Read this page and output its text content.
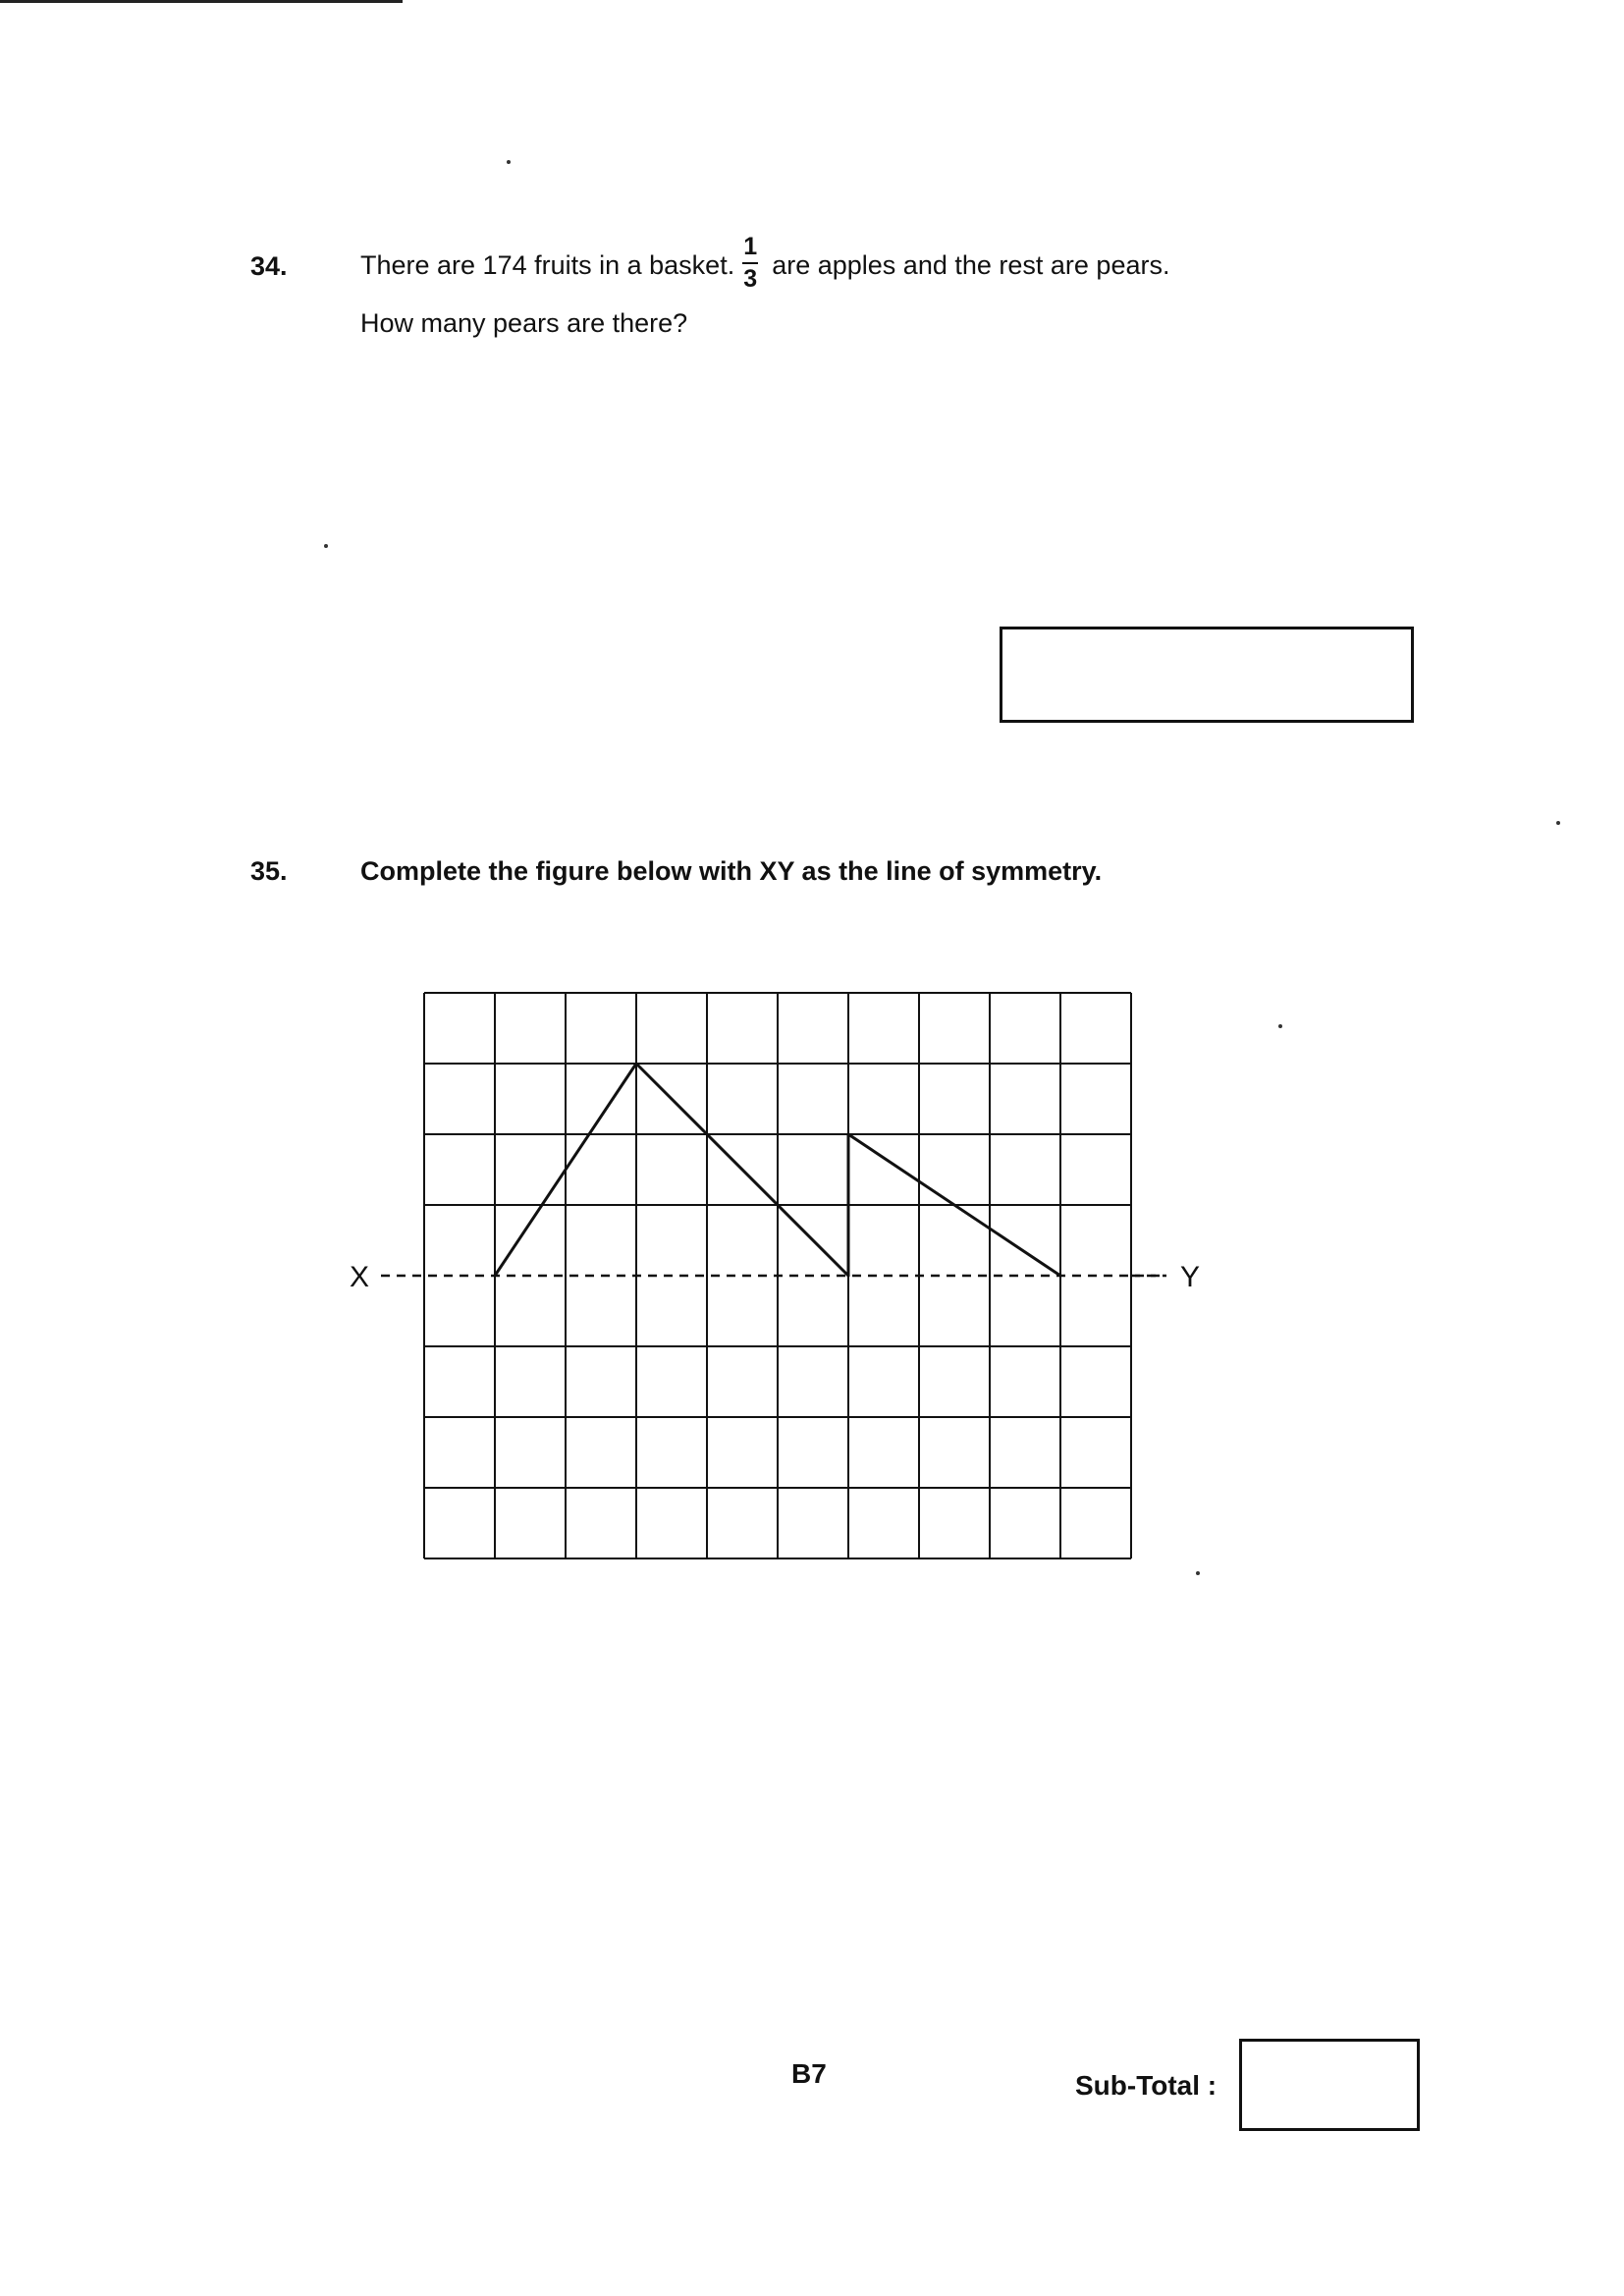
34.	There are 174 fruits in a basket. $\frac{1}{3}$ are apples and the rest are pears.
How many pears are there?
35.	Complete the figure below with XY as the line of symmetry.
X	Y
B7	Sub-Total :
